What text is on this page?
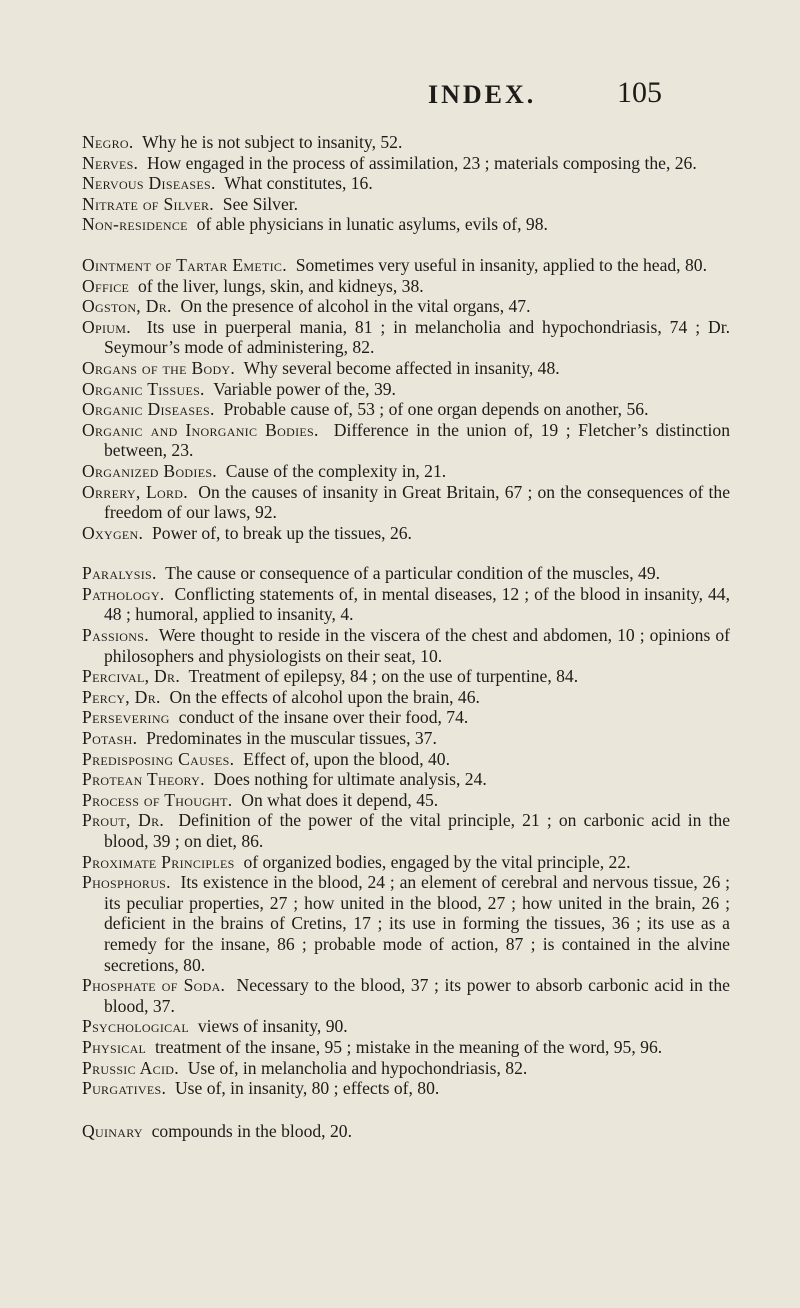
INDEX.	105
Negro. Why he is not subject to insanity, 52.
Nerves. How engaged in the process of assimilation, 23 ; materials composing the, 26.
Nervous Diseases. What constitutes, 16.
Nitrate of Silver. See Silver.
Non-residence of able physicians in lunatic asylums, evils of, 98.
Ointment of Tartar Emetic. Sometimes very useful in insanity, applied to the head, 80.
Office of the liver, lungs, skin, and kidneys, 38.
Ogston, Dr. On the presence of alcohol in the vital organs, 47.
Opium. Its use in puerperal mania, 81 ; in melancholia and hypochondriasis, 74 ; Dr. Seymour’s mode of administering, 82.
Organs of the Body. Why several become affected in insanity, 48.
Organic Tissues. Variable power of the, 39.
Organic Diseases. Probable cause of, 53 ; of one organ depends on another, 56.
Organic and Inorganic Bodies. Difference in the union of, 19 ; Fletcher’s distinction between, 23.
Organized Bodies. Cause of the complexity in, 21.
Orrery, Lord. On the causes of insanity in Great Britain, 67 ; on the consequences of the freedom of our laws, 92.
Oxygen. Power of, to break up the tissues, 26.
Paralysis. The cause or consequence of a particular condition of the muscles, 49.
Pathology. Conflicting statements of, in mental diseases, 12 ; of the blood in insanity, 44, 48 ; humoral, applied to insanity, 4.
Passions. Were thought to reside in the viscera of the chest and abdomen, 10 ; opinions of philosophers and physiologists on their seat, 10.
Percival, Dr. Treatment of epilepsy, 84 ; on the use of turpentine, 84.
Percy, Dr. On the effects of alcohol upon the brain, 46.
Persevering conduct of the insane over their food, 74.
Potash. Predominates in the muscular tissues, 37.
Predisposing Causes. Effect of, upon the blood, 40.
Protean Theory. Does nothing for ultimate analysis, 24.
Process of Thought. On what does it depend, 45.
Prout, Dr. Definition of the power of the vital principle, 21 ; on carbonic acid in the blood, 39 ; on diet, 86.
Proximate Principles of organized bodies, engaged by the vital principle, 22.
Phosphorus. Its existence in the blood, 24 ; an element of cerebral and nervous tissue, 26 ; its peculiar properties, 27 ; how united in the blood, 27 ; how united in the brain, 26 ; deficient in the brains of Cretins, 17 ; its use in forming the tissues, 36 ; its use as a remedy for the insane, 86 ; probable mode of action, 87 ; is contained in the alvine secretions, 80.
Phosphate of Soda. Necessary to the blood, 37 ; its power to absorb carbonic acid in the blood, 37.
Psychological views of insanity, 90.
Physical treatment of the insane, 95 ; mistake in the meaning of the word, 95, 96.
Prussic Acid. Use of, in melancholia and hypochondriasis, 82.
Purgatives. Use of, in insanity, 80 ; effects of, 80.
Quinary compounds in the blood, 20.
